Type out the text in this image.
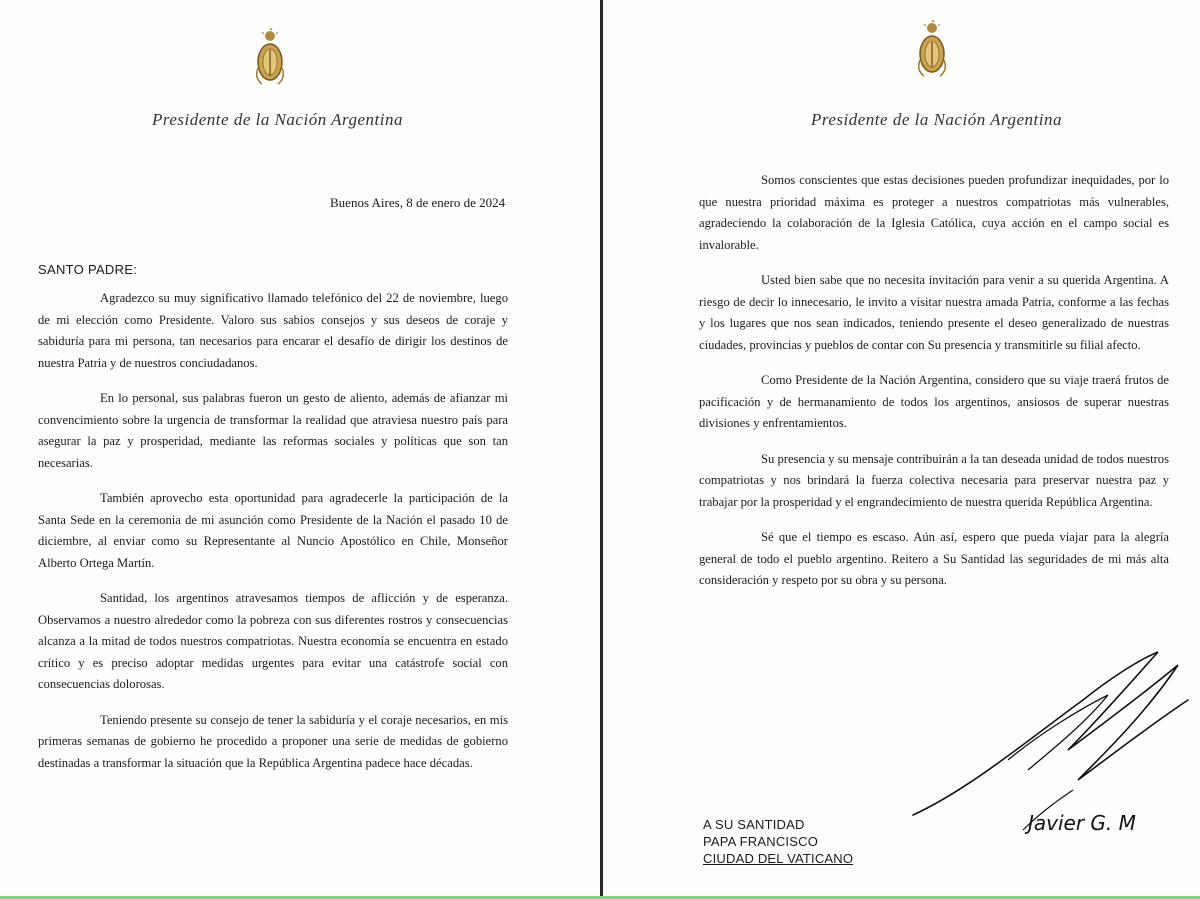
Presidente de la Nación Argentina
Buenos Aires, 8 de enero de 2024
SANTO PADRE:

Agradezco su muy significativo llamado telefónico del 22 de noviembre, luego de mi elección como Presidente. Valoro sus sabios consejos y sus deseos de coraje y sabiduría para mi persona, tan necesarios para encarar el desafío de dirigir los destinos de nuestra Patria y de nuestros conciudadanos.

En lo personal, sus palabras fueron un gesto de aliento, además de afianzar mi convencimiento sobre la urgencia de transformar la realidad que atraviesa nuestro país para asegurar la paz y prosperidad, mediante las reformas sociales y políticas que son tan necesarias.

También aprovecho esta oportunidad para agradecerle la participación de la Santa Sede en la ceremonia de mi asunción como Presidente de la Nación el pasado 10 de diciembre, al enviar como su Representante al Nuncio Apostólico en Chile, Monseñor Alberto Ortega Martín.

Santidad, los argentinos atravesamos tiempos de aflicción y de esperanza. Observamos a nuestro alrededor como la pobreza con sus diferentes rostros y consecuencias alcanza a la mitad de todos nuestros compatriotas. Nuestra economía se encuentra en estado crítico y es preciso adoptar medidas urgentes para evitar una catástrofe social con consecuencias dolorosas.

Teniendo presente su consejo de tener la sabiduría y el coraje necesarios, en mis primeras semanas de gobierno he procedido a proponer una serie de medidas de gobierno destinadas a transformar la situación que la República Argentina padece hace décadas.

Presidente de la Nación Argentina

Somos conscientes que estas decisiones pueden profundizar inequidades, por lo que nuestra prioridad máxima es proteger a nuestros compatriotas más vulnerables, agradeciendo la colaboración de la Iglesia Católica, cuya acción en el campo social es invalorable.

Usted bien sabe que no necesita invitación para venir a su querida Argentina. A riesgo de decir lo innecesario, le invito a visitar nuestra amada Patria, conforme a las fechas y los lugares que nos sean indicados, teniendo presente el deseo generalizado de nuestras ciudades, provincias y pueblos de contar con Su presencia y transmitirle su filial afecto.

Como Presidente de la Nación Argentina, considero que su viaje traerá frutos de pacificación y de hermanamiento de todos los argentinos, ansiosos de superar nuestras divisiones y enfrentamientos.

Su presencia y su mensaje contribuirán a la tan deseada unidad de todos nuestros compatriotas y nos brindará la fuerza colectiva necesaria para preservar nuestra paz y trabajar por la prosperidad y el engrandecimiento de nuestra querida República Argentina.

Sé que el tiempo es escaso. Aún así, espero que pueda viajar para la alegría general de todo el pueblo argentino. Reitero a Su Santidad las seguridades de mi más alta consideración y respeto por su obra y su persona.

Javier G. M
A SU SANTIDAD
PAPA FRANCISCO
CIUDAD DEL VATICANO
